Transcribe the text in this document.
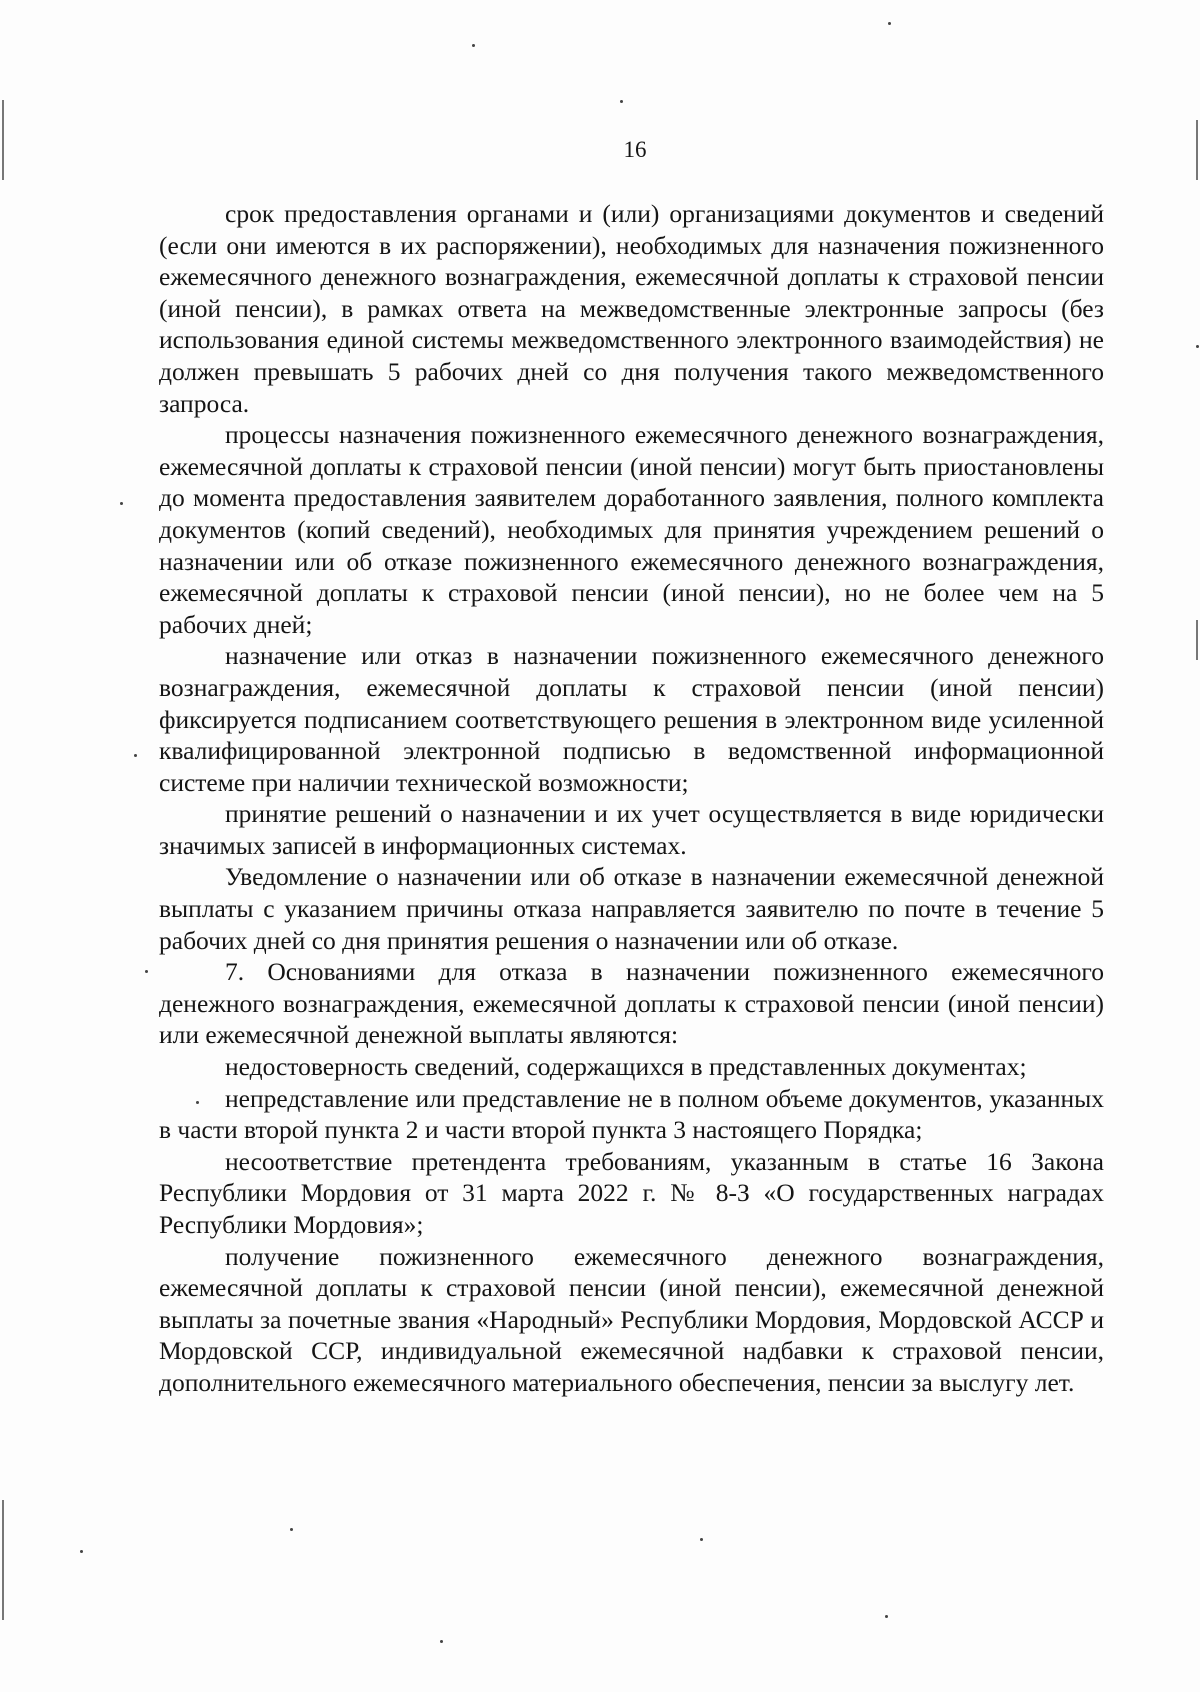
16

срок предоставления органами и (или) организациями документов и сведений (если они имеются в их распоряжении), необходимых для назначения пожизненного ежемесячного денежного вознаграждения, ежемесячной доплаты к страховой пенсии (иной пенсии), в рамках ответа на межведомственные электронные запросы (без использования единой системы межведомственного электронного взаимодействия) не должен превышать 5 рабочих дней со дня получения такого межведомственного запроса.

процессы назначения пожизненного ежемесячного денежного вознаграждения, ежемесячной доплаты к страховой пенсии (иной пенсии) могут быть приостановлены до момента предоставления заявителем доработанного заявления, полного комплекта документов (копий сведений), необходимых для принятия учреждением решений о назначении или об отказе пожизненного ежемесячного денежного вознаграждения, ежемесячной доплаты к страховой пенсии (иной пенсии), но не более чем на 5 рабочих дней;

назначение или отказ в назначении пожизненного ежемесячного денежного вознаграждения, ежемесячной доплаты к страховой пенсии (иной пенсии) фиксируется подписанием соответствующего решения в электронном виде усиленной квалифицированной электронной подписью в ведомственной информационной системе при наличии технической возможности;

принятие решений о назначении и их учет осуществляется в виде юридически значимых записей в информационных системах.

Уведомление о назначении или об отказе в назначении ежемесячной денежной выплаты с указанием причины отказа направляется заявителю по почте в течение 5 рабочих дней со дня принятия решения о назначении или об отказе.

7. Основаниями для отказа в назначении пожизненного ежемесячного денежного вознаграждения, ежемесячной доплаты к страховой пенсии (иной пенсии) или ежемесячной денежной выплаты являются:

недостоверность сведений, содержащихся в представленных документах;

непредставление или представление не в полном объеме документов, указанных в части второй пункта 2 и части второй пункта 3 настоящего Порядка;

несоответствие претендента требованиям, указанным в статье 16 Закона Республики Мордовия от 31 марта 2022 г. № 8-З «О государственных наградах Республики Мордовия»;

получение пожизненного ежемесячного денежного вознаграждения, ежемесячной доплаты к страховой пенсии (иной пенсии), ежемесячной денежной выплаты за почетные звания «Народный» Республики Мордовия, Мордовской АССР и Мордовской ССР, индивидуальной ежемесячной надбавки к страховой пенсии, дополнительного ежемесячного материального обеспечения, пенсии за выслугу лет.
